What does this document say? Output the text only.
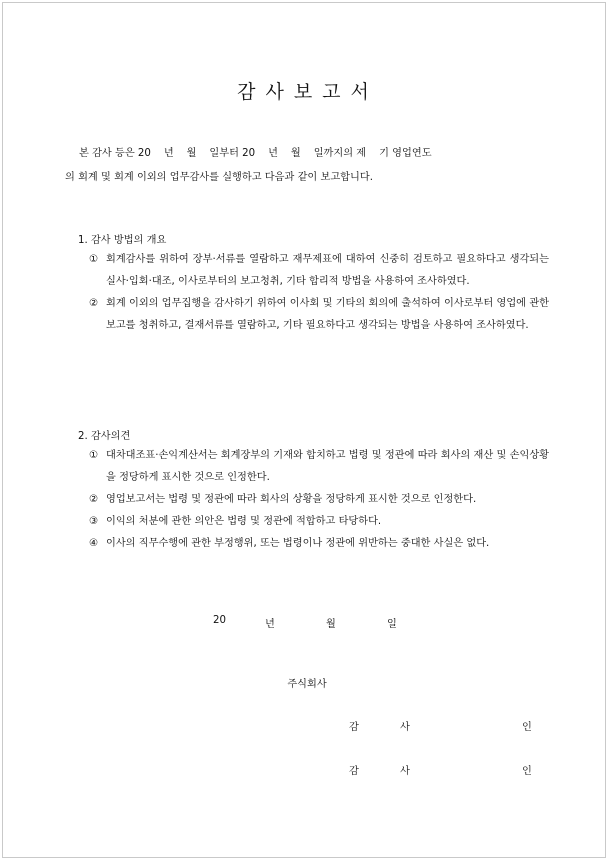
감사보고서
본 감사 등은 20    년    월    일부터 20    년    월    일까지의 제    기 영업연도
의 회계 및 회계 이외의 업무감사를 실행하고 다음과 같이 보고합니다.
1. 감사 방법의 개요
① 회계감사를 위하여 장부·서류를 열람하고 재무제표에 대하여 신중히 검토하고 필요하다고 생각되는 실사·입회·대조, 이사로부터의 보고청취, 기타 합리적 방법을 사용하여 조사하였다.
② 회계 이외의 업무집행을 감사하기 위하여 이사회 및 기타의 회의에 출석하여 이사로부터 영업에 관한 보고를 청취하고, 결재서류를 열람하고, 기타 필요하다고 생각되는 방법을 사용하여 조사하였다.
2. 감사의견
① 대차대조표·손익계산서는 회계장부의 기재와 합치하고 법령 및 정관에 따라 회사의 재산 및 손익상황을 정당하게 표시한 것으로 인정한다.
② 영업보고서는 법령 및 정관에 따라 회사의 상황을 정당하게 표시한 것으로 인정한다.
③ 이익의 처분에 관한 의안은 법령 및 정관에 적합하고 타당하다.
④ 이사의 직무수행에 관한 부정행위, 또는 법령이나 정관에 위반하는 중대한 사실은 없다.
20	년	월	일
주식회사
감	사	인
감	사	인
